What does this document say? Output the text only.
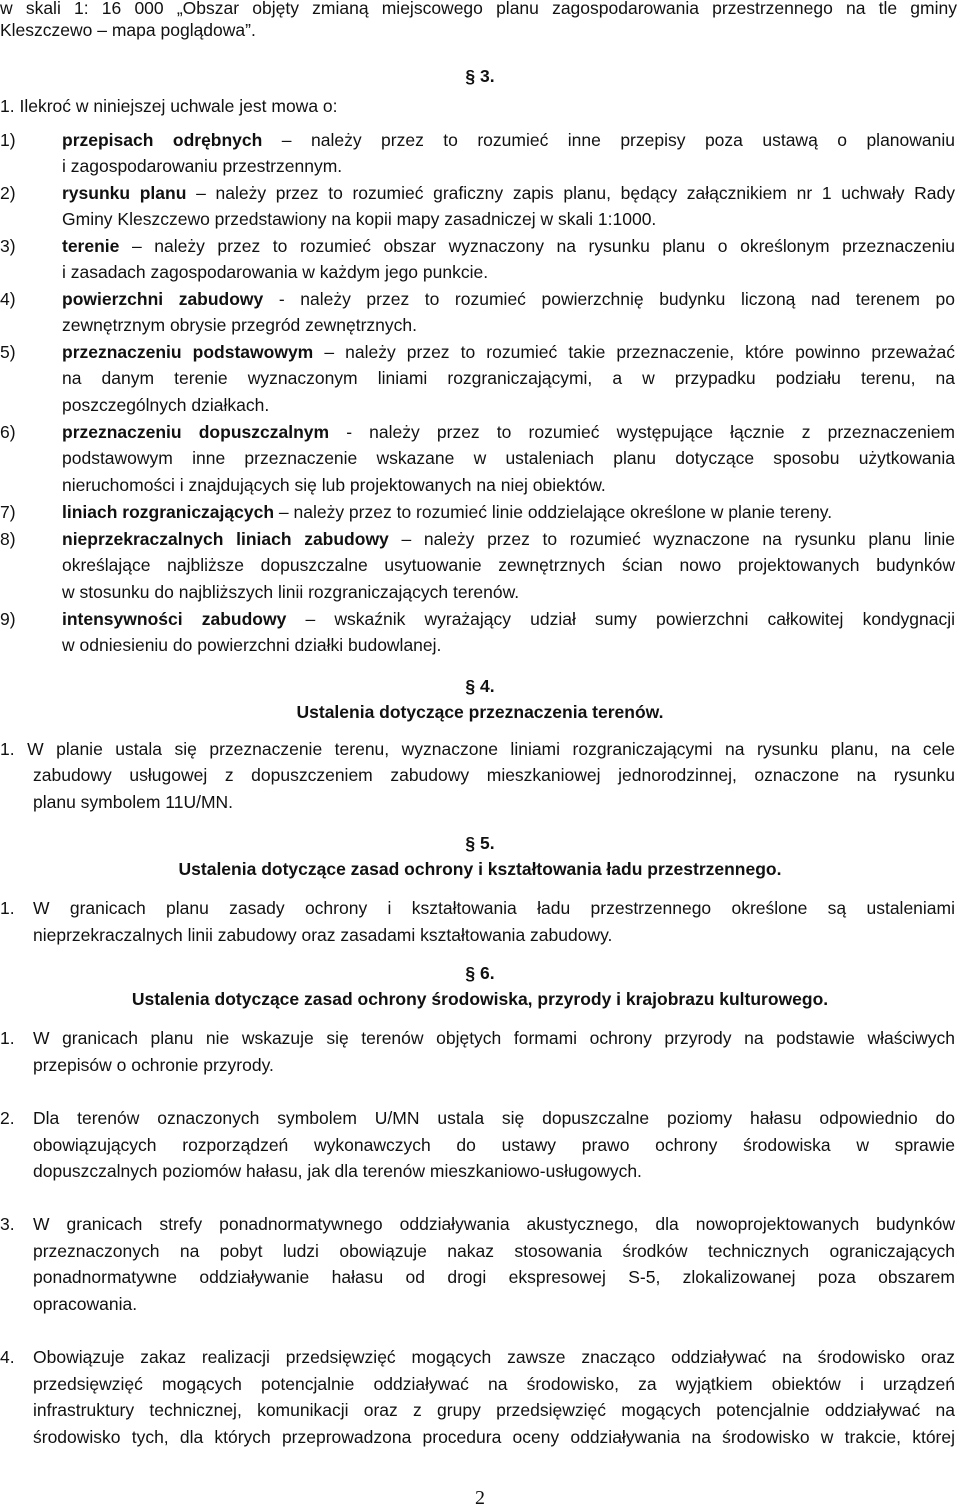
w skali 1: 16 000 „Obszar objęty zmianą miejscowego planu zagospodarowania przestrzennego na tle gminy
Kleszczewo – mapa poglądowa”.
§ 3.
1. Ilekroć w niniejszej uchwale jest mowa o:
1)	przepisach odrębnych – należy przez to rozumieć inne przepisy poza ustawą o planowaniu
i zagospodarowaniu przestrzennym.
2)	rysunku planu – należy przez to rozumieć graficzny zapis planu, będący załącznikiem nr 1 uchwały Rady
Gminy Kleszczewo przedstawiony na kopii mapy zasadniczej w skali 1:1000.
3)	terenie – należy przez to rozumieć obszar wyznaczony na rysunku planu o określonym przeznaczeniu
i zasadach zagospodarowania w każdym jego punkcie.
4)	powierzchni zabudowy - należy przez to rozumieć powierzchnię budynku liczoną nad terenem po
zewnętrznym obrysie przegród zewnętrznych.
5)	przeznaczeniu podstawowym – należy przez to rozumieć takie przeznaczenie, które powinno przeważać
na danym terenie wyznaczonym liniami rozgraniczającymi, a w przypadku podziału terenu, na
poszczególnych działkach.
6)	przeznaczeniu dopuszczalnym - należy przez to rozumieć występujące łącznie z przeznaczeniem
podstawowym inne przeznaczenie wskazane w ustaleniach planu dotyczące sposobu użytkowania
nieruchomości i znajdujących się lub projektowanych na niej obiektów.
7)	liniach rozgraniczających – należy przez to rozumieć linie oddzielające określone w planie tereny.
8)	nieprzekraczalnych liniach zabudowy – należy przez to rozumieć wyznaczone na rysunku planu linie
określające najbliższe dopuszczalne usytuowanie zewnętrznych ścian nowo projektowanych budynków
w stosunku do najbliższych linii rozgraniczających terenów.
9)	intensywności zabudowy – wskaźnik wyrażający udział sumy powierzchni całkowitej kondygnacji
w odniesieniu do powierzchni działki budowlanej.
§ 4.
Ustalenia dotyczące przeznaczenia terenów.
1. W planie ustala się przeznaczenie terenu, wyznaczone liniami rozgraniczającymi na rysunku planu, na cele
zabudowy usługowej z dopuszczeniem zabudowy mieszkaniowej jednorodzinnej, oznaczone na rysunku
planu symbolem 11U/MN.
§ 5.
Ustalenia dotyczące zasad ochrony i kształtowania ładu przestrzennego.
1. W granicach planu zasady ochrony i kształtowania ładu przestrzennego określone są ustaleniami
nieprzekraczalnych linii zabudowy oraz zasadami kształtowania zabudowy.
§ 6.
Ustalenia dotyczące zasad ochrony środowiska, przyrody i krajobrazu kulturowego.
1. W granicach planu nie wskazuje się terenów objętych formami ochrony przyrody na podstawie właściwych
przepisów o ochronie przyrody.
2. Dla terenów oznaczonych symbolem U/MN ustala się dopuszczalne poziomy hałasu odpowiednio do
obowiązujących rozporządzeń wykonawczych do ustawy prawo ochrony środowiska w sprawie
dopuszczalnych poziomów hałasu, jak dla terenów mieszkaniowo-usługowych.
3. W granicach strefy ponadnormatywnego oddziaływania akustycznego, dla nowoprojektowanych budynków
przeznaczonych na pobyt ludzi obowiązuje nakaz stosowania środków technicznych ograniczających
ponadnormatywne oddziaływanie hałasu od drogi ekspresowej S-5, zlokalizowanej poza obszarem
opracowania.
4. Obowiązuje zakaz realizacji przedsięwzięć mogących zawsze znacząco oddziaływać na środowisko oraz
przedsięwzięć mogących potencjalnie oddziaływać na środowisko, za wyjątkiem obiektów i urządzeń
infrastruktury technicznej, komunikacji oraz z grupy przedsięwzięć mogących potencjalnie oddziaływać na
środowisko tych, dla których przeprowadzona procedura oceny oddziaływania na środowisko w trakcie, której
2
